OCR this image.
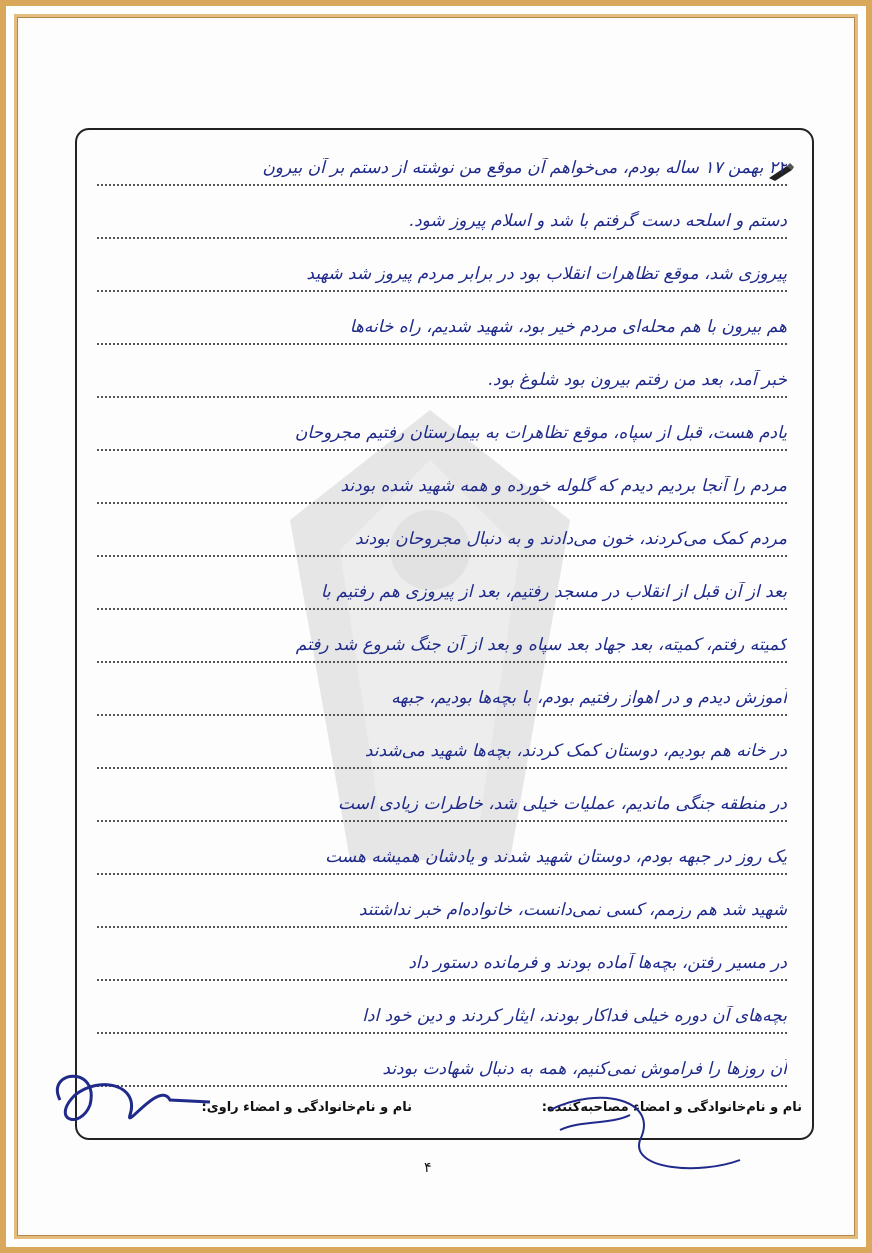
۲۲ بهمن ۱۷ ساله بودم، می‌خواهم آن موقع من نوشته از دستم بر آن بیرون
دستم و اسلحه دست گرفتم با شد و اسلام پیروز شود.
پیروزی شد، موقع تظاهرات انقلاب بود در برابر مردم پیروز شد شهید
هم بیرون با هم محله‌ای مردم خیر بود، شهید شدیم، راه خانه‌ها
خبر آمد، بعد من رفتم بیرون بود شلوغ بود.
یادم هست، قبل از سپاه، موقع تظاهرات به بیمارستان رفتیم مجروحان
مردم را آنجا بردیم دیدم که گلوله خورده و همه شهید شده بودند
مردم کمک می‌کردند، خون می‌دادند و به دنبال مجروحان بودند
بعد از آن قبل از انقلاب در مسجد رفتیم، بعد از پیروزی هم رفتیم با
کمیته رفتم، کمیته، بعد جهاد بعد سپاه و بعد از آن جنگ شروع شد رفتم
آموزش دیدم و در اهواز رفتیم بودم، با بچه‌ها بودیم، جبهه
در خانه هم بودیم، دوستان کمک کردند، بچه‌ها شهید می‌شدند
در منطقه جنگی ماندیم، عملیات خیلی شد، خاطرات زیادی است
یک روز در جبهه بودم، دوستان شهید شدند و یادشان همیشه هست
شهید شد هم رزمم، کسی نمی‌دانست، خانواده‌ام خبر نداشتند
در مسیر رفتن، بچه‌ها آماده بودند و فرمانده دستور داد
بچه‌های آن دوره خیلی فداکار بودند، ایثار کردند و دین خود ادا
آن روزها را فراموش نمی‌کنیم، همه به دنبال شهادت بودند
نام و نام‌خانوادگی و امضاء مصاحبه‌کننده:
نام و نام‌خانوادگی و امضاء راوی:
۴
